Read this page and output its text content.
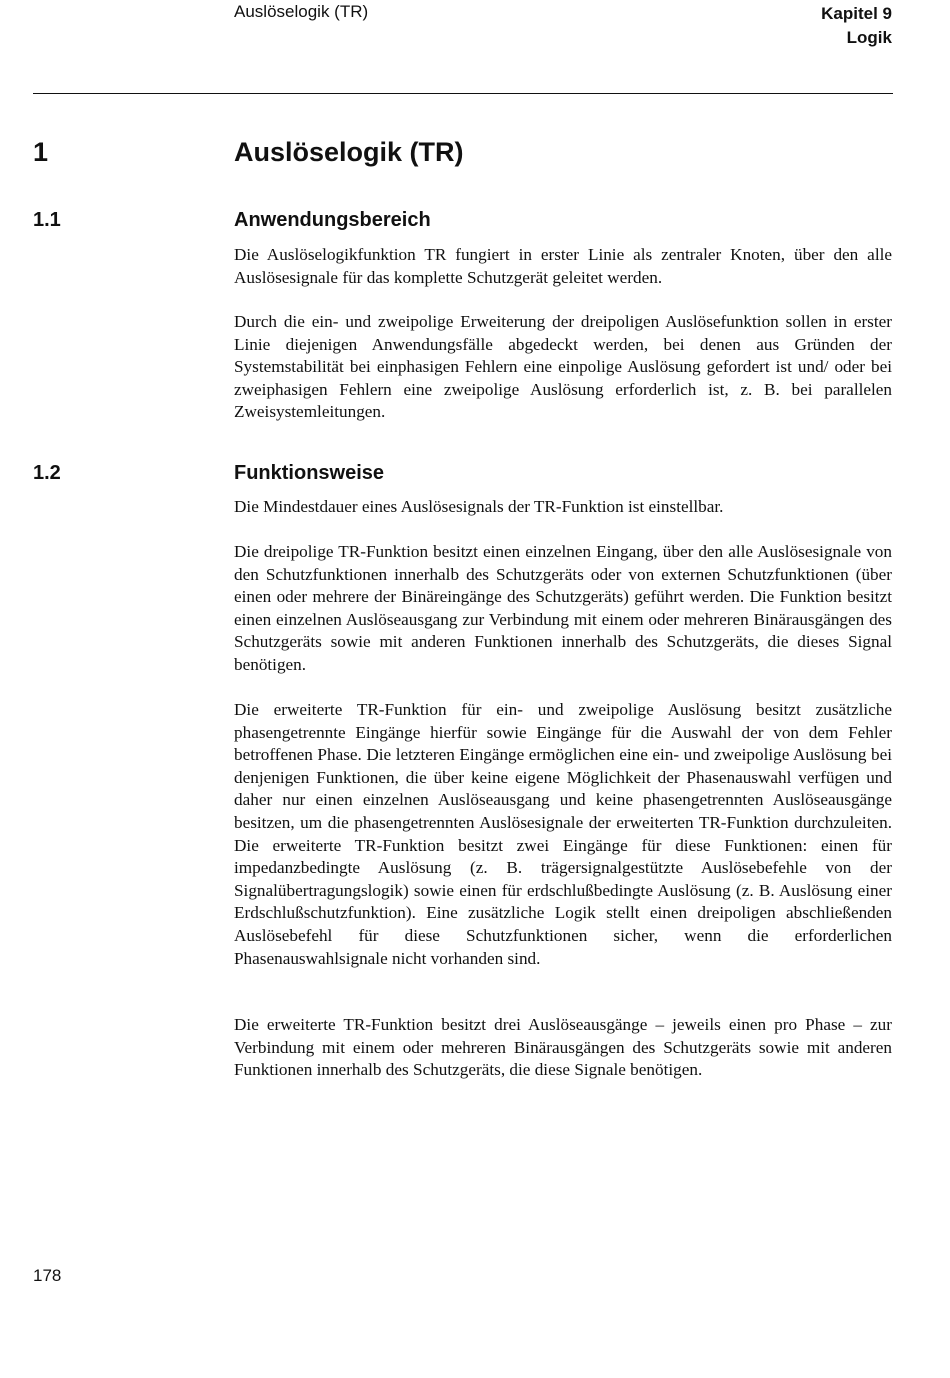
Auslöselogik (TR)	Kapitel 9
Logik
1	Auslöselogik (TR)
1.1	Anwendungsbereich

Die Auslöselogikfunktion TR fungiert in erster Linie als zentraler Knoten, über den alle Auslösesignale für das komplette Schutzgerät geleitet werden.

Durch die ein- und zweipolige Erweiterung der dreipoligen Auslösefunktion sollen in erster Linie diejenigen Anwendungsfälle abgedeckt werden, bei denen aus Gründen der Systemstabilität bei einphasigen Fehlern eine einpolige Auslösung gefordert ist und/ oder bei zweiphasigen Fehlern eine zweipolige Auslösung erforderlich ist, z. B. bei parallelen Zweisystemleitungen.

1.2	Funktionsweise

Die Mindestdauer eines Auslösesignals der TR-Funktion ist einstellbar.

Die dreipolige TR-Funktion besitzt einen einzelnen Eingang, über den alle Auslösesignale von den Schutzfunktionen innerhalb des Schutzgeräts oder von externen Schutzfunktionen (über einen oder mehrere der Binäreingänge des Schutzgeräts) geführt werden. Die Funktion besitzt einen einzelnen Auslöseausgang zur Verbindung mit einem oder mehreren Binärausgängen des Schutzgeräts sowie mit anderen Funktionen innerhalb des Schutzgeräts, die dieses Signal benötigen.

Die erweiterte TR-Funktion für ein- und zweipolige Auslösung besitzt zusätzliche phasengetrennte Eingänge hierfür sowie Eingänge für die Auswahl der von dem Fehler betroffenen Phase. Die letzteren Eingänge ermöglichen eine ein- und zweipolige Auslösung bei denjenigen Funktionen, die über keine eigene Möglichkeit der Phasenauswahl verfügen und daher nur einen einzelnen Auslöseausgang und keine phasengetrennten Auslöseausgänge besitzen, um die phasengetrennten Auslösesignale der erweiterten TR-Funktion durchzuleiten. Die erweiterte TR-Funktion besitzt zwei Eingänge für diese Funktionen: einen für impedanzbedingte Auslösung (z. B. trägersignalgestützte Auslösebefehle von der Signalübertragungslogik) sowie einen für erdschlußbedingte Auslösung (z. B. Auslösung einer Erdschlußschutzfunktion). Eine zusätzliche Logik stellt einen dreipoligen abschließenden Auslösebefehl für diese Schutzfunktionen sicher, wenn die erforderlichen Phasenauswahlsignale nicht vorhanden sind.

Die erweiterte TR-Funktion besitzt drei Auslöseausgänge – jeweils einen pro Phase – zur Verbindung mit einem oder mehreren Binärausgängen des Schutzgeräts sowie mit anderen Funktionen innerhalb des Schutzgeräts, die diese Signale benötigen.

178
